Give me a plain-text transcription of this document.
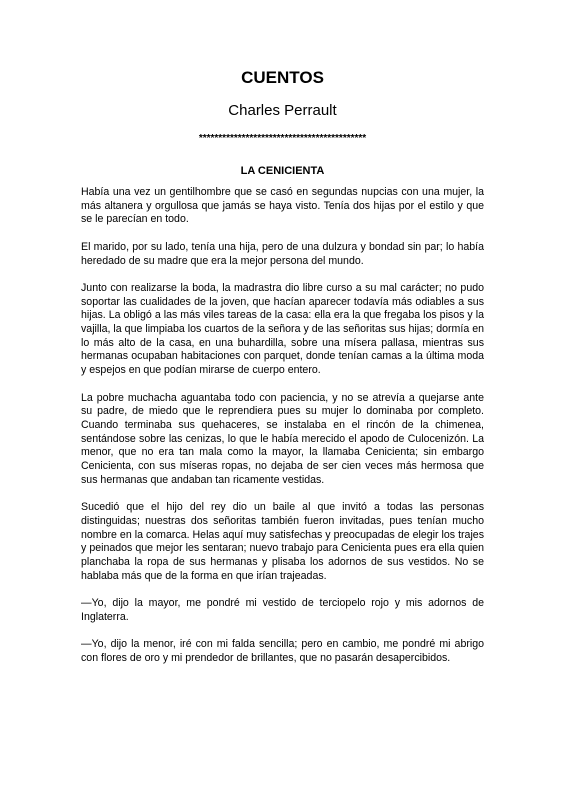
CUENTOS
Charles Perrault
*******************************************
LA CENICIENTA

Había una vez un gentilhombre que se casó en segundas nupcias con una mujer, la más altanera y orgullosa que jamás se haya visto. Tenía dos hijas por el estilo y que se le parecían en todo.

El marido, por su lado, tenía una hija, pero de una dulzura y bondad sin par; lo había heredado de su madre que era la mejor persona del mundo.

Junto con realizarse la boda, la madrastra dio libre curso a su mal carácter; no pudo soportar las cualidades de la joven, que hacían aparecer todavía más odiables a sus hijas. La obligó a las más viles tareas de la casa: ella era la que fregaba los pisos y la vajilla, la que limpiaba los cuartos de la señora y de las señoritas sus hijas; dormía en lo más alto de la casa, en una buhardilla, sobre una mísera pallasa, mientras sus hermanas ocupaban habitaciones con parquet, donde tenían camas a la última moda y espejos en que podían mirarse de cuerpo entero.

La pobre muchacha aguantaba todo con paciencia, y no se atrevía a quejarse ante su padre, de miedo que le reprendiera pues su mujer lo dominaba por completo. Cuando terminaba sus quehaceres, se instalaba en el rincón de la chimenea, sentándose sobre las cenizas, lo que le había merecido el apodo de Culocenizón. La menor, que no era tan mala como la mayor, la llamaba Cenicienta; sin embargo Cenicienta, con sus míseras ropas, no dejaba de ser cien veces más hermosa que sus hermanas que andaban tan ricamente vestidas.

Sucedió que el hijo del rey dio un baile al que invitó a todas las personas distinguidas; nuestras dos señoritas también fueron invitadas, pues tenían mucho nombre en la comarca. Helas aquí muy satisfechas y preocupadas de elegir los trajes y peinados que mejor les sentaran; nuevo trabajo para Cenicienta pues era ella quien planchaba la ropa de sus hermanas y plisaba los adornos de sus vestidos. No se hablaba más que de la forma en que irían trajeadas.

—Yo, dijo la mayor, me pondré mi vestido de terciopelo rojo y mis adornos de Inglaterra.

—Yo, dijo la menor, iré con mi falda sencilla; pero en cambio, me pondré mi abrigo con flores de oro y mi prendedor de brillantes, que no pasarán desapercibidos.
